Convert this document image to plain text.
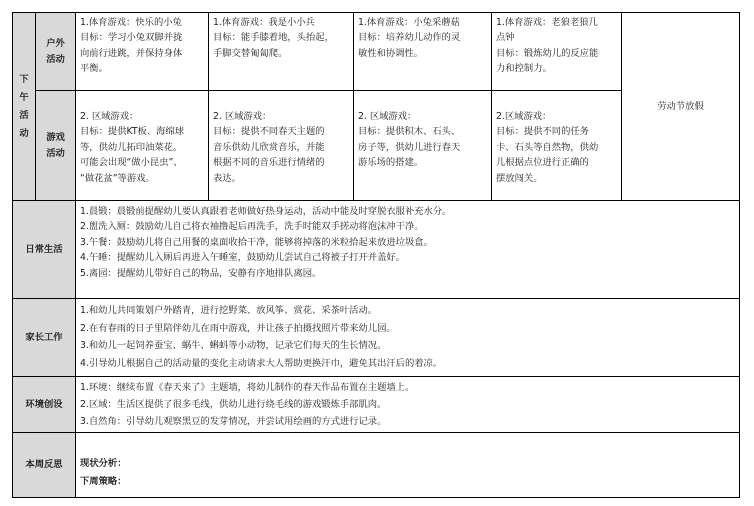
下
午
活
动
户外
活动
游戏
活动
1.体育游戏：快乐的小兔
目标：学习小兔双脚并拢
向前行进跳，并保持身体
平衡。
1.体育游戏：我是小小兵
目标：能手膝着地，头抬起，
手脚交替匍匐爬。
1.体育游戏：小兔采蘑菇
目标：培养幼儿动作的灵
敏性和协调性。
1.体育游戏：老狼老狼几
点钟
目标：锻炼幼儿的反应能
力和控制力。
2. 区域游戏：
目标：提供KT板、海绵球
等，供幼儿拓印油菜花。
可能会出现“做小昆虫”、
“做花盆”等游戏。
2. 区域游戏：
目标：提供不同春天主题的
音乐供幼儿欣赏音乐，并能
根据不同的音乐进行情绪的
表达。
2. 区域游戏：
目标：提供积木、石头、
房子等，供幼儿进行春天
游乐场的搭建。
2.区域游戏：
目标：提供不同的任务
卡、石头等自然物，供幼
儿根据点位进行正确的
摆放闯关。
劳动节放假
日常生活
1.晨锻：晨锻前提醒幼儿要认真跟着老师做好热身运动，活动中能及时穿脱衣服补充水分。
2.盥洗入厕：鼓励幼儿自己将衣袖撸起后再洗手，洗手时能双手搓动将泡沫冲干净。
3.午餐：鼓励幼儿将自己用餐的桌面收拾干净，能够将掉落的米粒拾起来放进垃圾盒。
4.午睡：提醒幼儿入厕后再进入午睡室，鼓励幼儿尝试自己将被子打开并盖好。
5.离园：提醒幼儿带好自己的物品，安静有序地排队离园。
家长工作
1.和幼儿共同策划户外踏青，进行挖野菜、放风筝、赏花、采茶叶活动。
2.在有春雨的日子里陪伴幼儿在雨中游戏，并让孩子拍摄找照片带来幼儿园。
3.和幼儿一起饲养蚕宝、蜗牛、蝌蚪等小动物，记录它们每天的生长情况。
4.引导幼儿根据自己的活动量的变化主动请求大人帮助更换汗巾，避免其出汗后的着凉。
环境创设
1.环境：继续布置《春天来了》主题墙，将幼儿制作的春天作品布置在主题墙上。
2.区域：生活区提供了很多毛线，供幼儿进行绕毛线的游戏锻炼手部肌肉。
3.自然角：引导幼儿观察黑豆的发芽情况，并尝试用绘画的方式进行记录。
本周反思 现状分析：
下周策略：
